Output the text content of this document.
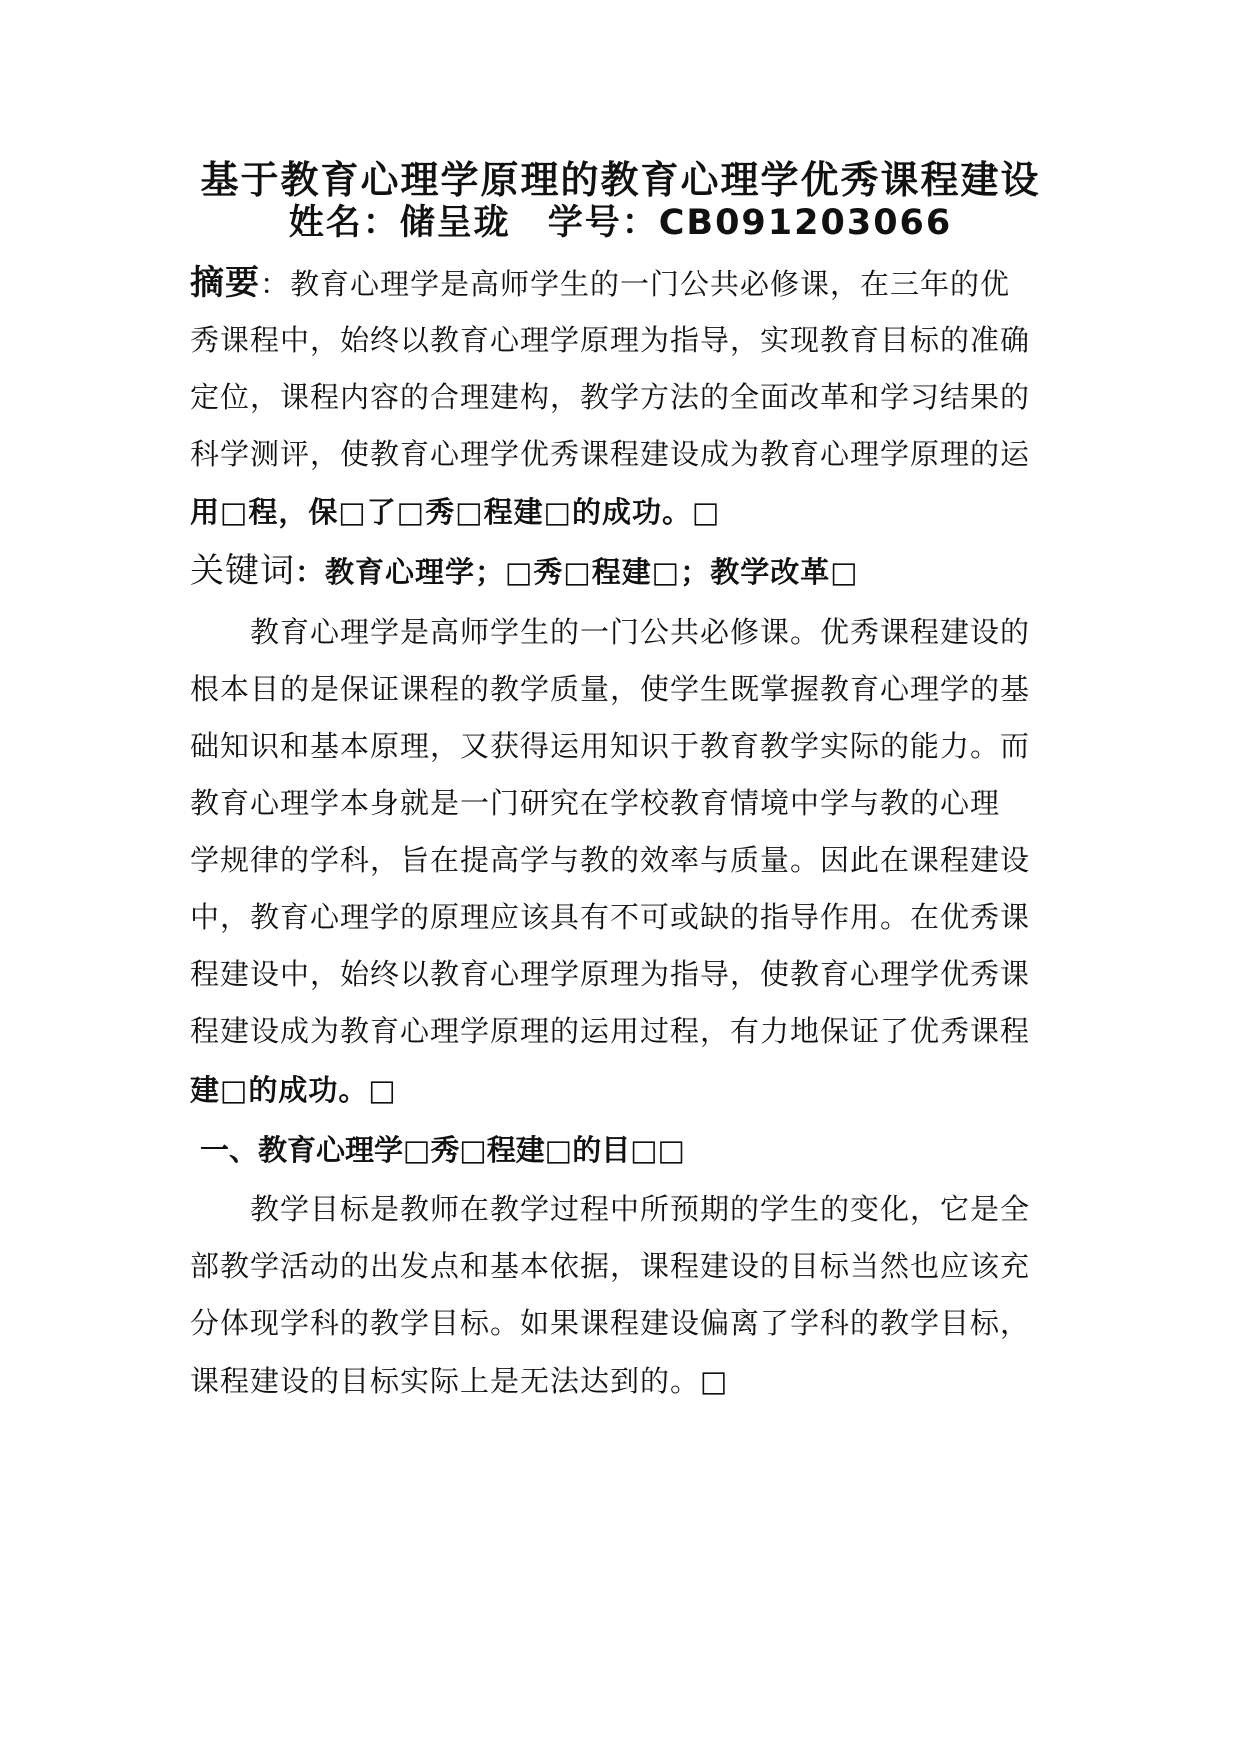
基于教育心理学原理的教育心理学优秀课程建设
姓名：储呈珑　学号：CB091203066
摘要：教育心理学是高师学生的一门公共必修课，在三年的优
秀课程中，始终以教育心理学原理为指导，实现教育目标的准确
定位，课程内容的合理建构，教学方法的全面改革和学习结果的
科学测评，使教育心理学优秀课程建设成为教育心理学原理的运
用□程，保□了□秀□程建□的成功。□
关键词：教育心理学；□秀□程建□；教学改革□
教育心理学是高师学生的一门公共必修课。优秀课程建设的
根本目的是保证课程的教学质量，使学生既掌握教育心理学的基
础知识和基本原理，又获得运用知识于教育教学实际的能力。而
教育心理学本身就是一门研究在学校教育情境中学与教的心理
学规律的学科，旨在提高学与教的效率与质量。因此在课程建设
中，教育心理学的原理应该具有不可或缺的指导作用。在优秀课
程建设中，始终以教育心理学原理为指导，使教育心理学优秀课
程建设成为教育心理学原理的运用过程，有力地保证了优秀课程
建□的成功。□
一、教育心理学□秀□程建□的目□□
教学目标是教师在教学过程中所预期的学生的变化，它是全
部教学活动的出发点和基本依据，课程建设的目标当然也应该充
分体现学科的教学目标。如果课程建设偏离了学科的教学目标，
课程建设的目标实际上是无法达到的。□
